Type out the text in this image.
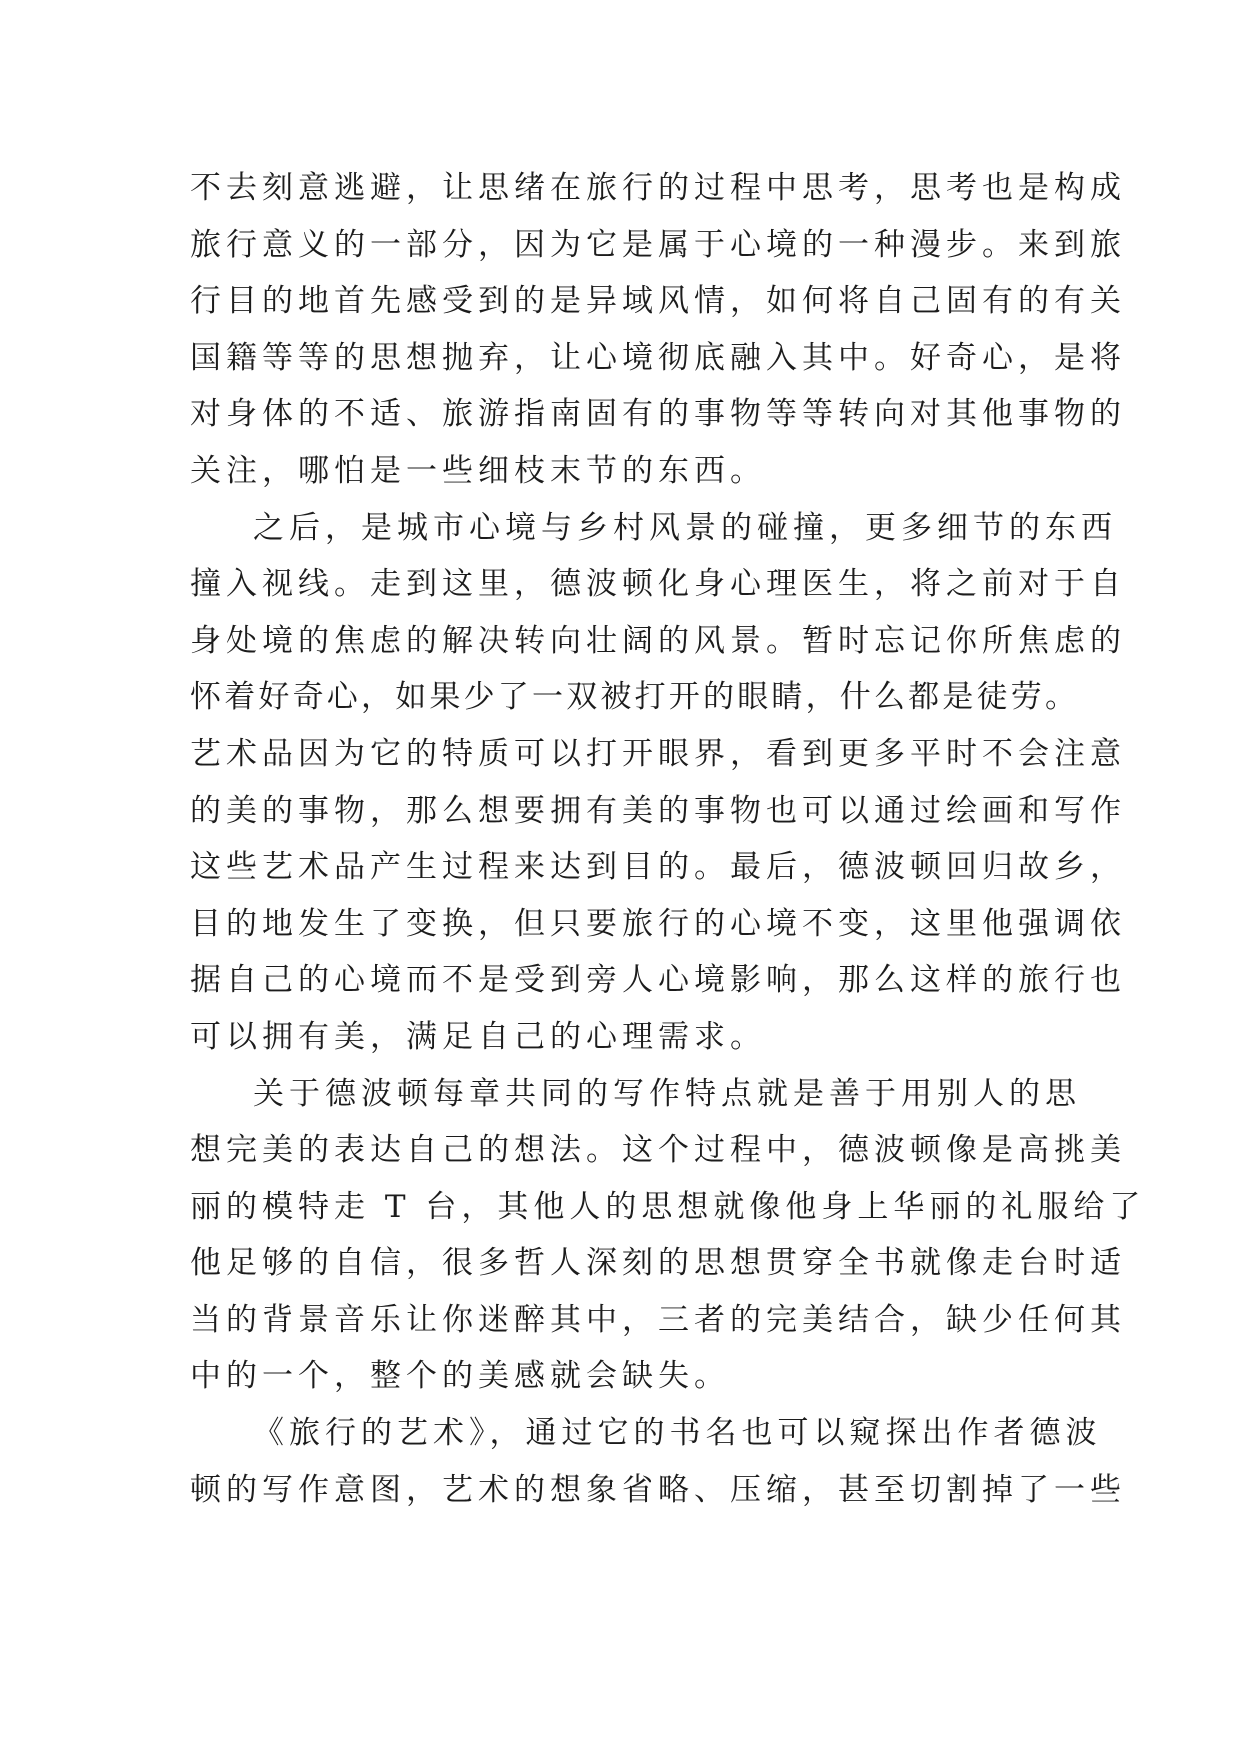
不去刻意逃避，让思绪在旅行的过程中思考，思考也是构成
旅行意义的一部分，因为它是属于心境的一种漫步。来到旅
行目的地首先感受到的是异域风情，如何将自己固有的有关
国籍等等的思想抛弃，让心境彻底融入其中。好奇心，是将
对身体的不适、旅游指南固有的事物等等转向对其他事物的
关注，哪怕是一些细枝末节的东西。
之后，是城市心境与乡村风景的碰撞，更多细节的东西
撞入视线。走到这里，德波顿化身心理医生，将之前对于自
身处境的焦虑的解决转向壮阔的风景。暂时忘记你所焦虑的
怀着好奇心，如果少了一双被打开的眼睛，什么都是徒劳。
艺术品因为它的特质可以打开眼界，看到更多平时不会注意
的美的事物，那么想要拥有美的事物也可以通过绘画和写作
这些艺术品产生过程来达到目的。最后，德波顿回归故乡，
目的地发生了变换，但只要旅行的心境不变，这里他强调依
据自己的心境而不是受到旁人心境影响，那么这样的旅行也
可以拥有美，满足自己的心理需求。
关于德波顿每章共同的写作特点就是善于用别人的思
想完美的表达自己的想法。这个过程中，德波顿像是高挑美
丽的模特走 T 台，其他人的思想就像他身上华丽的礼服给了
他足够的自信，很多哲人深刻的思想贯穿全书就像走台时适
当的背景音乐让你迷醉其中，三者的完美结合，缺少任何其
中的一个，整个的美感就会缺失。
《旅行的艺术》，通过它的书名也可以窥探出作者德波
顿的写作意图，艺术的想象省略、压缩，甚至切割掉了一些
